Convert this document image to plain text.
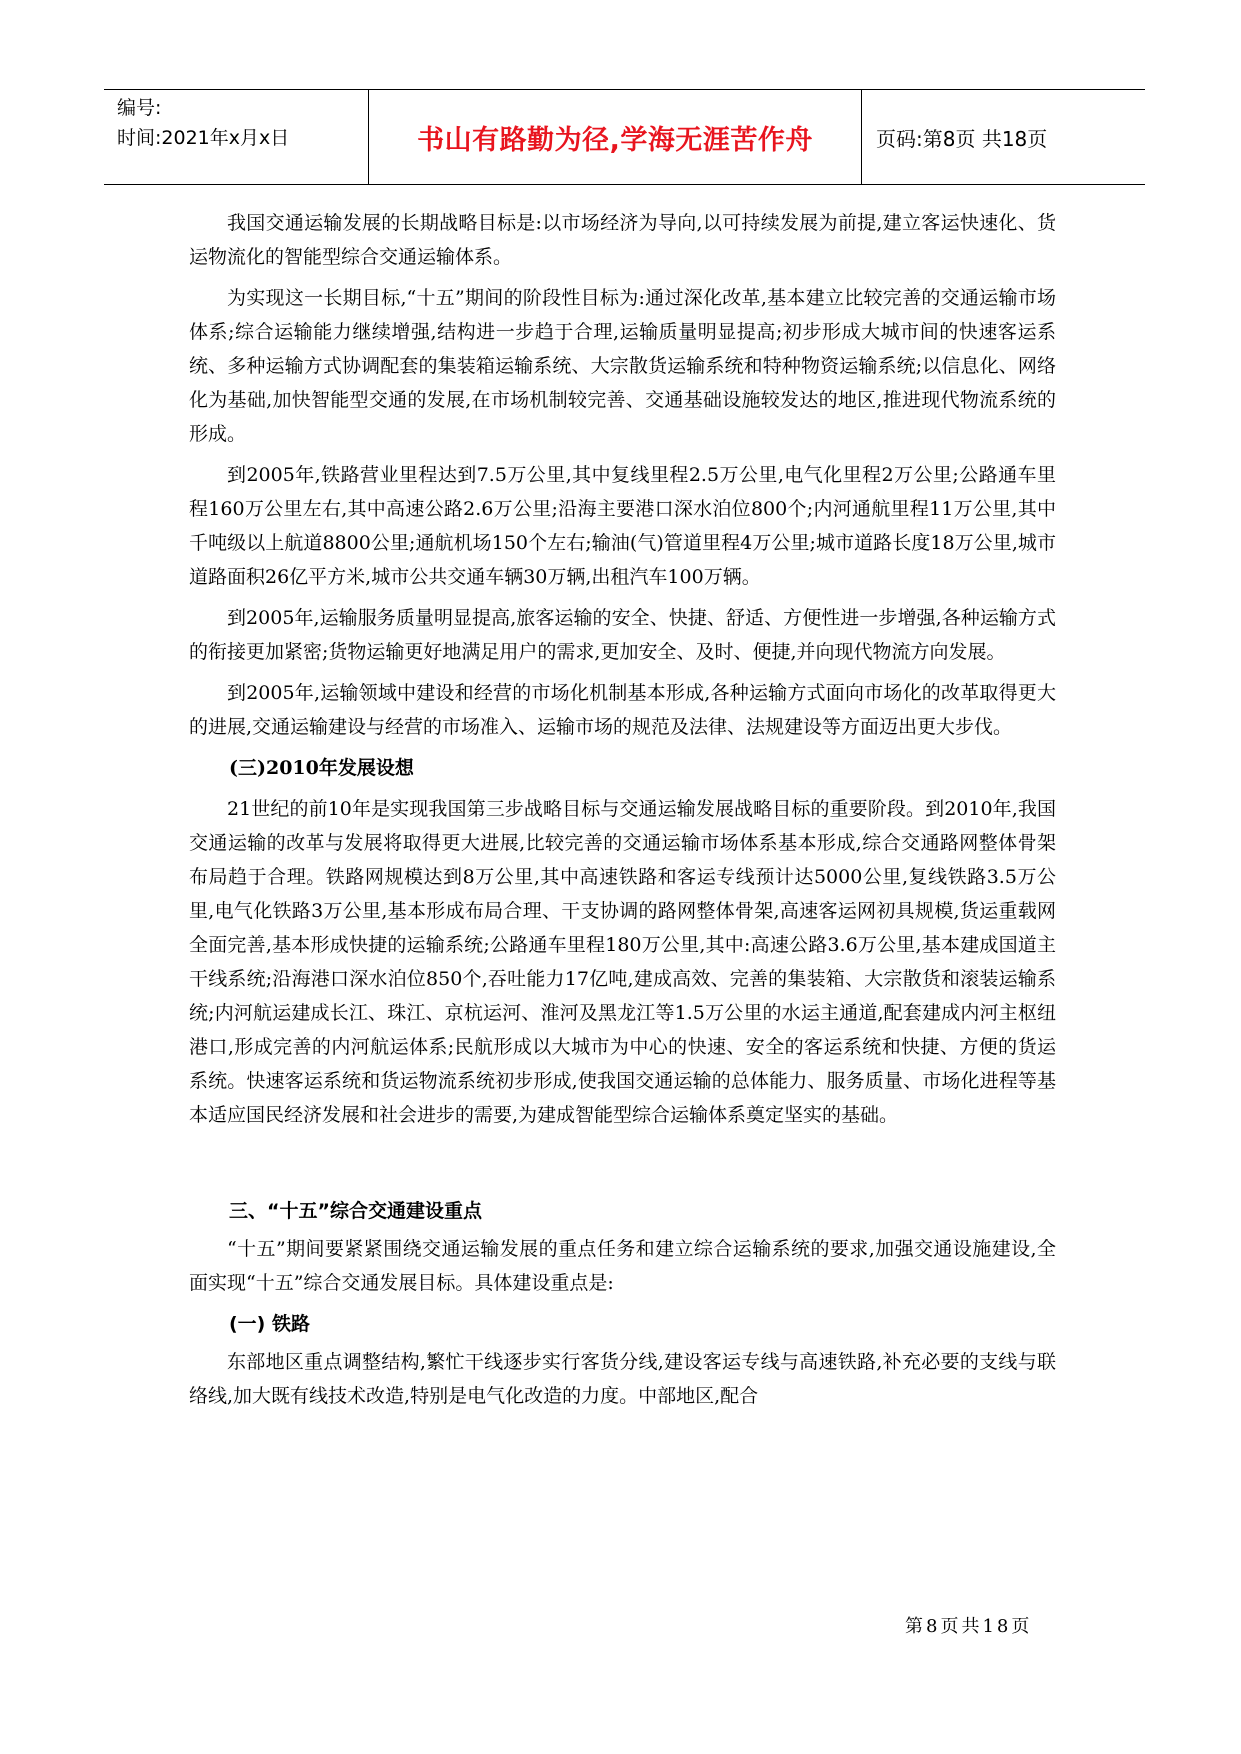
编号:
时间:2021年x月x日	书山有路勤为径,学海无涯苦作舟	页码:第8页 共18页

我国交通运输发展的长期战略目标是:以市场经济为导向,以可持续发展为前提,建立客运快速化、货运物流化的智能型综合交通运输体系。

为实现这一长期目标,“十五”期间的阶段性目标为:通过深化改革,基本建立比较完善的交通运输市场体系;综合运输能力继续增强,结构进一步趋于合理,运输质量明显提高;初步形成大城市间的快速客运系统、多种运输方式协调配套的集装箱运输系统、大宗散货运输系统和特种物资运输系统;以信息化、网络化为基础,加快智能型交通的发展,在市场机制较完善、交通基础设施较发达的地区,推进现代物流系统的形成。

到2005年,铁路营业里程达到7.5万公里,其中复线里程2.5万公里,电气化里程2万公里;公路通车里程160万公里左右,其中高速公路2.6万公里;沿海主要港口深水泊位800个;内河通航里程11万公里,其中千吨级以上航道8800公里;通航机场150个左右;输油(气)管道里程4万公里;城市道路长度18万公里,城市道路面积26亿平方米,城市公共交通车辆30万辆,出租汽车100万辆。

到2005年,运输服务质量明显提高,旅客运输的安全、快捷、舒适、方便性进一步增强,各种运输方式的衔接更加紧密;货物运输更好地满足用户的需求,更加安全、及时、便捷,并向现代物流方向发展。

到2005年,运输领域中建设和经营的市场化机制基本形成,各种运输方式面向市场化的改革取得更大的进展,交通运输建设与经营的市场准入、运输市场的规范及法律、法规建设等方面迈出更大步伐。

(三)2010年发展设想

21世纪的前10年是实现我国第三步战略目标与交通运输发展战略目标的重要阶段。到2010年,我国交通运输的改革与发展将取得更大进展,比较完善的交通运输市场体系基本形成,综合交通路网整体骨架布局趋于合理。铁路网规模达到8万公里,其中高速铁路和客运专线预计达5000公里,复线铁路3.5万公里,电气化铁路3万公里,基本形成布局合理、干支协调的路网整体骨架,高速客运网初具规模,货运重载网全面完善,基本形成快捷的运输系统;公路通车里程180万公里,其中:高速公路3.6万公里,基本建成国道主干线系统;沿海港口深水泊位850个,吞吐能力17亿吨,建成高效、完善的集装箱、大宗散货和滚装运输系统;内河航运建成长江、珠江、京杭运河、淮河及黑龙江等1.5万公里的水运主通道,配套建成内河主枢纽港口,形成完善的内河航运体系;民航形成以大城市为中心的快速、安全的客运系统和快捷、方便的货运系统。快速客运系统和货运物流系统初步形成,使我国交通运输的总体能力、服务质量、市场化进程等基本适应国民经济发展和社会进步的需要,为建成智能型综合运输体系奠定坚实的基础。

三、“十五”综合交通建设重点

“十五”期间要紧紧围绕交通运输发展的重点任务和建立综合运输系统的要求,加强交通设施建设,全面实现“十五”综合交通发展目标。具体建设重点是:

(一) 铁路

东部地区重点调整结构,繁忙干线逐步实行客货分线,建设客运专线与高速铁路,补充必要的支线与联络线,加大既有线技术改造,特别是电气化改造的力度。中部地区,配合

第8页共18页
